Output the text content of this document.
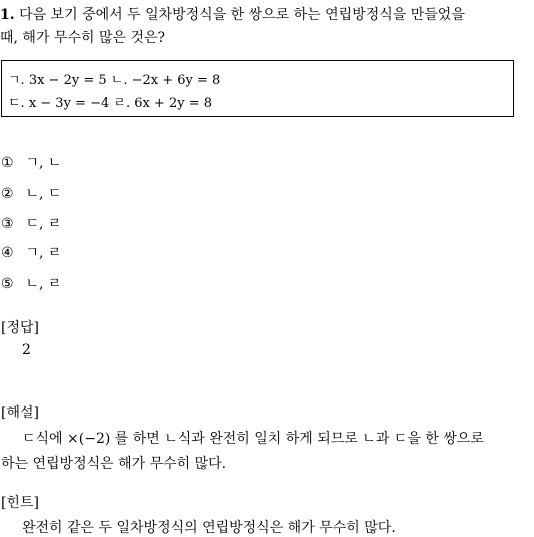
1. 다음 보기 중에서 두 일차방정식을 한 쌍으로 하는 연립방정식을 만들었을
때, 해가 무수히 많은 것은?
ㄱ. 3x − 2y = 5 ㄴ. −2x + 6y = 8
ㄷ. x − 3y = −4 ㄹ. 6x + 2y = 8
① ㄱ, ㄴ
② ㄴ, ㄷ
③ ㄷ, ㄹ
④ ㄱ, ㄹ
⑤ ㄴ, ㄹ
[정답]
2
[해설]
ㄷ식에 ×(−2) 를 하면 ㄴ식과 완전히 일치 하게 되므로 ㄴ과 ㄷ을 한 쌍으로
하는 연립방정식은 해가 무수히 많다.
[힌트]
완전히 같은 두 일차방정식의 연립방정식은 해가 무수히 많다.
